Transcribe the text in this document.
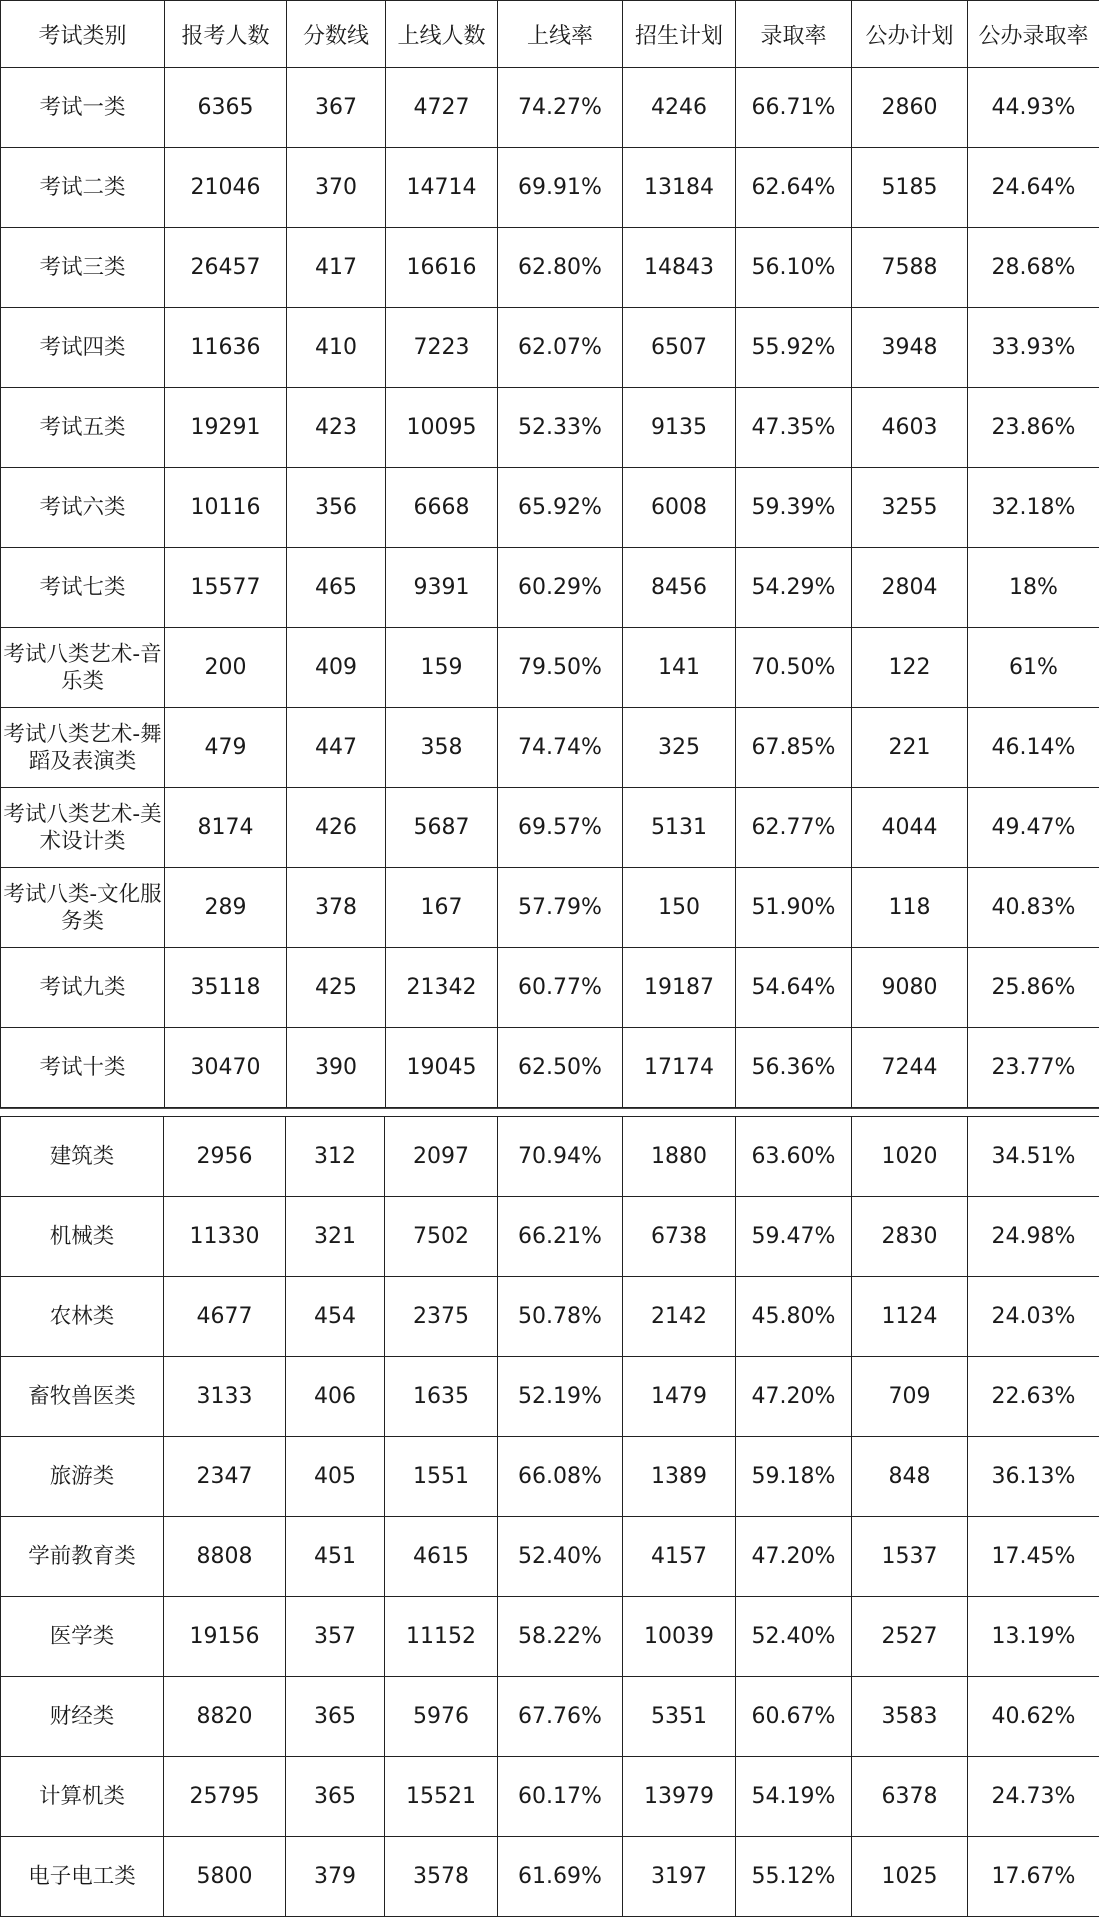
考试类别	报考人数	分数线	上线人数	上线率	招生计划	录取率	公办计划	公办录取率
考试一类	6365	367	4727	74.27%	4246	66.71%	2860	44.93%
考试二类	21046	370	14714	69.91%	13184	62.64%	5185	24.64%
考试三类	26457	417	16616	62.80%	14843	56.10%	7588	28.68%
考试四类	11636	410	7223	62.07%	6507	55.92%	3948	33.93%
考试五类	19291	423	10095	52.33%	9135	47.35%	4603	23.86%
考试六类	10116	356	6668	65.92%	6008	59.39%	3255	32.18%
考试七类	15577	465	9391	60.29%	8456	54.29%	2804	18%
考试八类艺术-音乐类	200	409	159	79.50%	141	70.50%	122	61%
考试八类艺术-舞蹈及表演类	479	447	358	74.74%	325	67.85%	221	46.14%
考试八类艺术-美术设计类	8174	426	5687	69.57%	5131	62.77%	4044	49.47%
考试八类-文化服务类	289	378	167	57.79%	150	51.90%	118	40.83%
考试九类	35118	425	21342	60.77%	19187	54.64%	9080	25.86%
考试十类	30470	390	19045	62.50%	17174	56.36%	7244	23.77%
建筑类	2956	312	2097	70.94%	1880	63.60%	1020	34.51%
机械类	11330	321	7502	66.21%	6738	59.47%	2830	24.98%
农林类	4677	454	2375	50.78%	2142	45.80%	1124	24.03%
畜牧兽医类	3133	406	1635	52.19%	1479	47.20%	709	22.63%
旅游类	2347	405	1551	66.08%	1389	59.18%	848	36.13%
学前教育类	8808	451	4615	52.40%	4157	47.20%	1537	17.45%
医学类	19156	357	11152	58.22%	10039	52.40%	2527	13.19%
财经类	8820	365	5976	67.76%	5351	60.67%	3583	40.62%
计算机类	25795	365	15521	60.17%	13979	54.19%	6378	24.73%
电子电工类	5800	379	3578	61.69%	3197	55.12%	1025	17.67%
